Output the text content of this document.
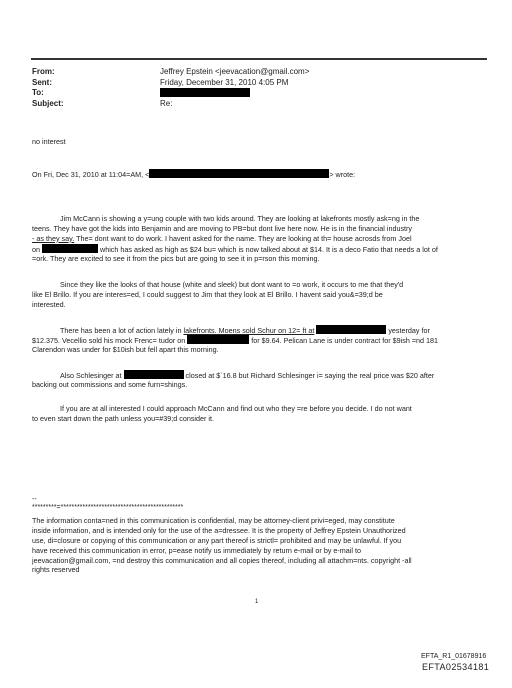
From:	Jeffrey Epstein <jeevacation@gmail.com>
Sent:	Friday, December 31, 2010 4:05 PM
To:
Subject:	Re:
no interest
On Fri, Dec 31, 2010 at 11:04=AM, <	> wrote:
Jim McCann is showing a y=ung couple with two kids around. They are looking at lakefronts mostly ask=ng in the
teens. They have got the kids into Benjamin and are moving to PB=but dont live here now. He is in the financial industry
- as they say. The= dont want to do work. I havent asked for the name. They are looking at th= house acrosds from Joel
on	which has asked as high as $24 bu= which is now talked about at $14. It is a deco Fatio that needs a lot of
=ork. They are excited to see it from the pics but are going to see it in p=rson this morning.
Since they like the looks of that house (white and sleek) but dont want to =o work, it occurs to me that they'd
like El Brillo. If you are interes=ed, I could suggest to Jim that they look at El Brillo. I havent said you&=39;d be
interested.
There has been a lot of action lately in lakefronts. Moens sold Schur on 12= ft at	yesterday for
$12.375. Vecellio sold his mock Frenc= tudor on	for $9.64. Pelican Lane is under contract for $9ish =nd 181
Clarendon was under for $10ish but fell apart this morning.
Also Schlesinger at	closed at $`16.8 but Richard Schlesinger i= saying the real price was $20 after
backing out commissions and some furn=shings.
If you are at all interested I could approach McCann and find out who they =re before you decide. I do not want
to even start down the path unless you=#39;d consider it.
--
*********=*********************************************
The information conta=ned in this communication is confidential, may be attorney-client privi=eged, may constitute
inside information, and is intended only for the use of the a=dressee. It is the property of Jeffrey Epstein Unauthorized
use, di=closure or copying of this communication or any part thereof is strictl= prohibited and may be unlawful. If you
have received this communication in error, p=ease notify us immediately by return e-mail or by e-mail to
jeevacation@gmail.com, =nd destroy this communication and all copies thereof, including all attachm=nts. copyright -all
rights reserved
1
EFTA_R1_01678916
EFTA02534181
